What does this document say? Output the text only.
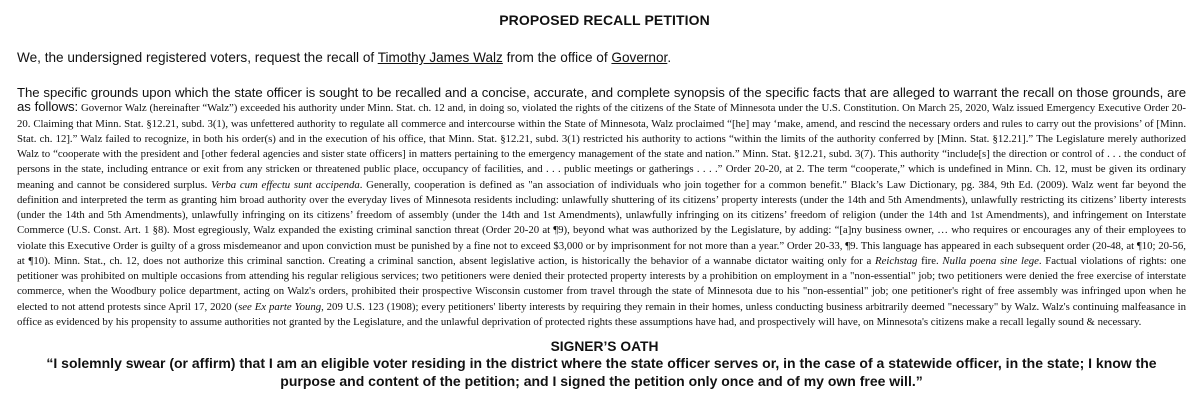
PROPOSED RECALL PETITION

We, the undersigned registered voters, request the recall of Timothy James Walz from the office of Governor.

The specific grounds upon which the state officer is sought to be recalled and a concise, accurate, and complete synopsis of the specific facts that are alleged to warrant the recall on those grounds, are as follows: Governor Walz (hereinafter “Walz”) exceeded his authority under Minn. Stat. ch. 12 and, in doing so, violated the rights of the citizens of the State of Minnesota under the U.S. Constitution. On March 25, 2020, Walz issued Emergency Executive Order 20-20. Claiming that Minn. Stat. §12.21, subd. 3(1), was unfettered authority to regulate all commerce and intercourse within the State of Minnesota, Walz proclaimed “[he] may ‘make, amend, and rescind the necessary orders and rules to carry out the provisions’ of [Minn. Stat. ch. 12].” Walz failed to recognize, in both his order(s) and in the execution of his office, that Minn. Stat. §12.21, subd. 3(1) restricted his authority to actions “within the limits of the authority conferred by [Minn. Stat. §12.21].” The Legislature merely authorized Walz to “cooperate with the president and [other federal agencies and sister state officers] in matters pertaining to the emergency management of the state and nation.” Minn. Stat. §12.21, subd. 3(7). This authority “include[s] the direction or control of . . . the conduct of persons in the state, including entrance or exit from any stricken or threatened public place, occupancy of facilities, and . . . public meetings or gatherings . . . .” Order 20-20, at 2. The term “cooperate,” which is undefined in Minn. Ch. 12, must be given its ordinary meaning and cannot be considered surplus. Verba cum effectu sunt accipenda. Generally, cooperation is defined as "an association of individuals who join together for a common benefit." Black’s Law Dictionary, pg. 384, 9th Ed. (2009). Walz went far beyond the definition and interpreted the term as granting him broad authority over the everyday lives of Minnesota residents including: unlawfully shuttering of its citizens’ property interests (under the 14th and 5th Amendments), unlawfully restricting its citizens’ liberty interests (under the 14th and 5th Amendments), unlawfully infringing on its citizens’ freedom of assembly (under the 14th and 1st Amendments), unlawfully infringing on its citizens’ freedom of religion (under the 14th and 1st Amendments), and infringement on Interstate Commerce (U.S. Const. Art. 1 §8). Most egregiously, Walz expanded the existing criminal sanction threat (Order 20-20 at ¶9), beyond what was authorized by the Legislature, by adding: “[a]ny business owner, … who requires or encourages any of their employees to violate this Executive Order is guilty of a gross misdemeanor and upon conviction must be punished by a fine not to exceed $3,000 or by imprisonment for not more than a year.” Order 20-33, ¶9. This language has appeared in each subsequent order (20-48, at ¶10; 20-56, at ¶10). Minn. Stat., ch. 12, does not authorize this criminal sanction. Creating a criminal sanction, absent legislative action, is historically the behavior of a wannabe dictator waiting only for a Reichstag fire. Nulla poena sine lege. Factual violations of rights: one petitioner was prohibited on multiple occasions from attending his regular religious services; two petitioners were denied their protected property interests by a prohibition on employment in a "non-essential" job; two petitioners were denied the free exercise of interstate commerce, when the Woodbury police department, acting on Walz's orders, prohibited their prospective Wisconsin customer from travel through the state of Minnesota due to his "non-essential" job; one petitioner's right of free assembly was infringed upon when he elected to not attend protests since April 17, 2020 (see Ex parte Young, 209 U.S. 123 (1908); every petitioners' liberty interests by requiring they remain in their homes, unless conducting business arbitrarily deemed "necessary" by Walz. Walz's continuing malfeasance in office as evidenced by his propensity to assume authorities not granted by the Legislature, and the unlawful deprivation of protected rights these assumptions have had, and prospectively will have, on Minnesota's citizens make a recall legally sound & necessary.

SIGNER’S OATH

“I solemnly swear (or affirm) that I am an eligible voter residing in the district where the state officer serves or, in the case of a statewide officer, in the state; I know the purpose and content of the petition; and I signed the petition only once and of my own free will.”
